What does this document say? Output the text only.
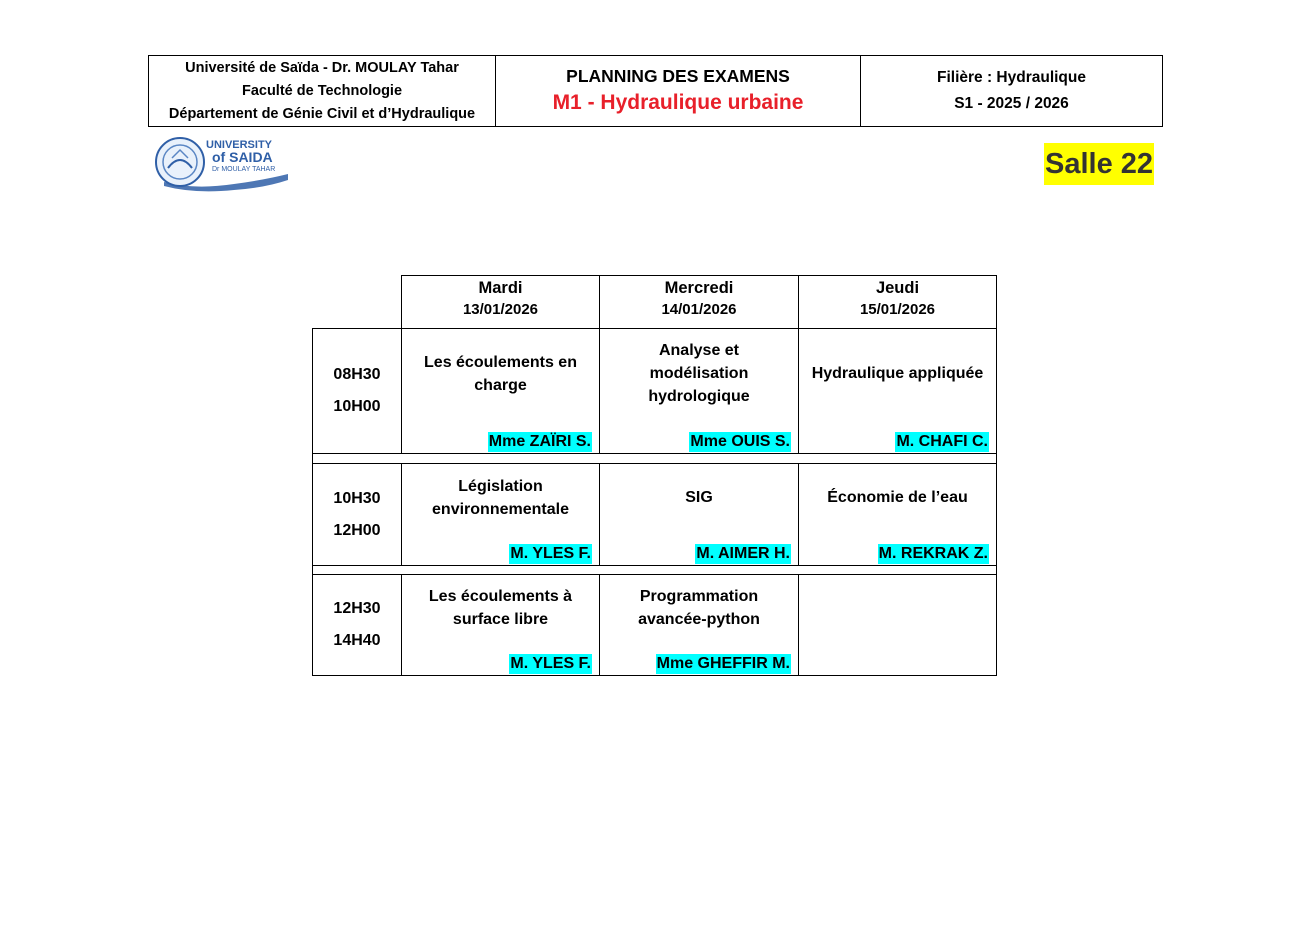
Université de Saïda - Dr. MOULAY Tahar
Faculté de Technologie
Département de Génie Civil et d’Hydraulique
PLANNING DES EXAMENS
M1 - Hydraulique urbaine
Filière : Hydraulique
S1 - 2025 / 2026
UNIVERSITY
of SAIDA
Dr MOULAY TAHAR	Salle 22
Mardi
13/01/2026
Mercredi
14/01/2026
Jeudi
15/01/2026
08H30
10H00
Les écoulements en charge
Mme ZAÏRI S.
Analyse et modélisation hydrologique
Mme OUIS S.
Hydraulique appliquée
M. CHAFI C.
10H30
12H00
Législation environnementale
M. YLES F.
SIG
M. AIMER H.
Économie de l’eau
M. REKRAK Z.
12H30
14H40
Les écoulements à surface libre
M. YLES F.
Programmation avancée-python
Mme GHEFFIR M.
